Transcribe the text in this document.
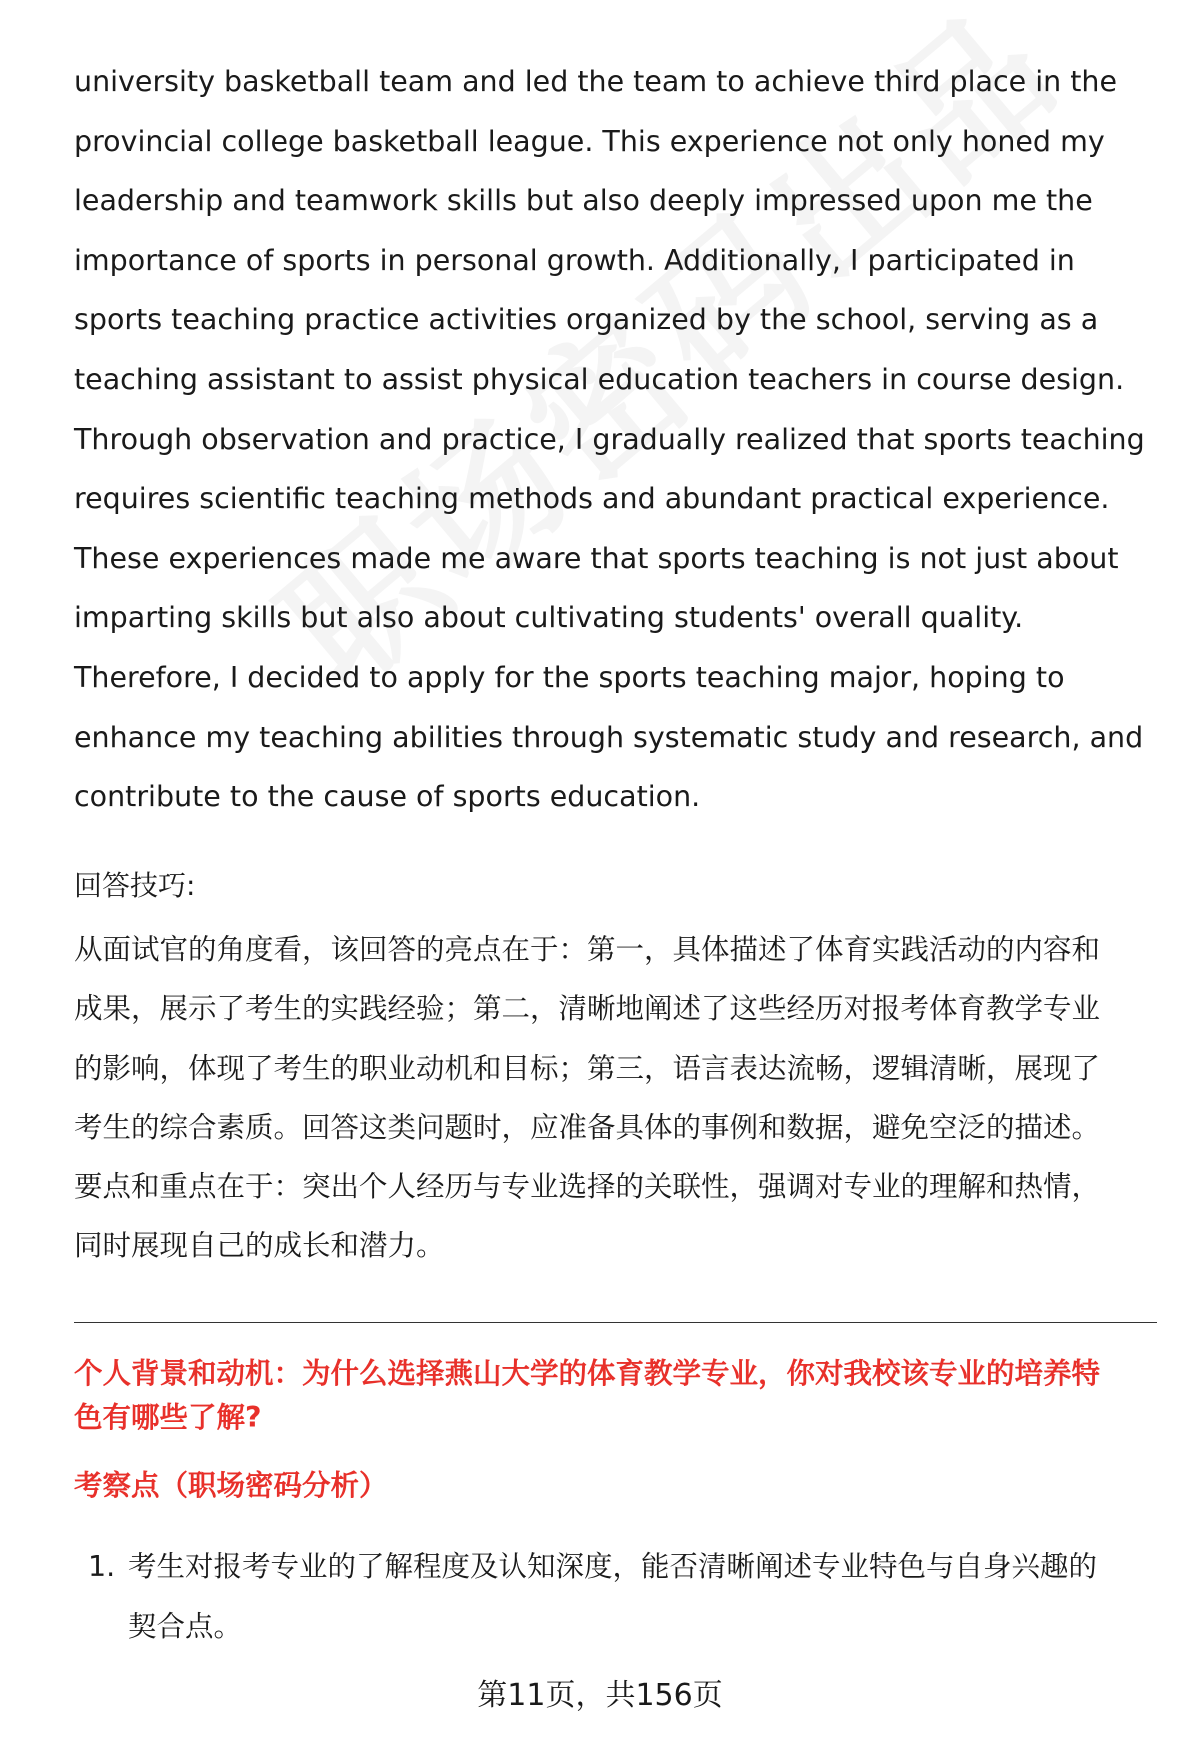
university basketball team and led the team to achieve third place in the
provincial college basketball league. This experience not only honed my
leadership and teamwork skills but also deeply impressed upon me the
importance of sports in personal growth. Additionally, I participated in
sports teaching practice activities organized by the school, serving as a
teaching assistant to assist physical education teachers in course design.
Through observation and practice, I gradually realized that sports teaching
requires scientific teaching methods and abundant practical experience.
These experiences made me aware that sports teaching is not just about
imparting skills but also about cultivating students' overall quality.
Therefore, I decided to apply for the sports teaching major, hoping to
enhance my teaching abilities through systematic study and research, and
contribute to the cause of sports education.
回答技巧:
从面试官的角度看，该回答的亮点在于：第一，具体描述了体育实践活动的内容和
成果，展示了考生的实践经验；第二，清晰地阐述了这些经历对报考体育教学专业
的影响，体现了考生的职业动机和目标；第三，语言表达流畅，逻辑清晰，展现了
考生的综合素质。回答这类问题时，应准备具体的事例和数据，避免空泛的描述。
要点和重点在于：突出个人经历与专业选择的关联性，强调对专业的理解和热情，
同时展现自己的成长和潜力。
个人背景和动机：为什么选择燕山大学的体育教学专业，你对我校该专业的培养特
色有哪些了解?
考察点（职场密码分析）
1. 考生对报考专业的了解程度及认知深度，能否清晰阐述专业特色与自身兴趣的
契合点。
第11页，共156页
